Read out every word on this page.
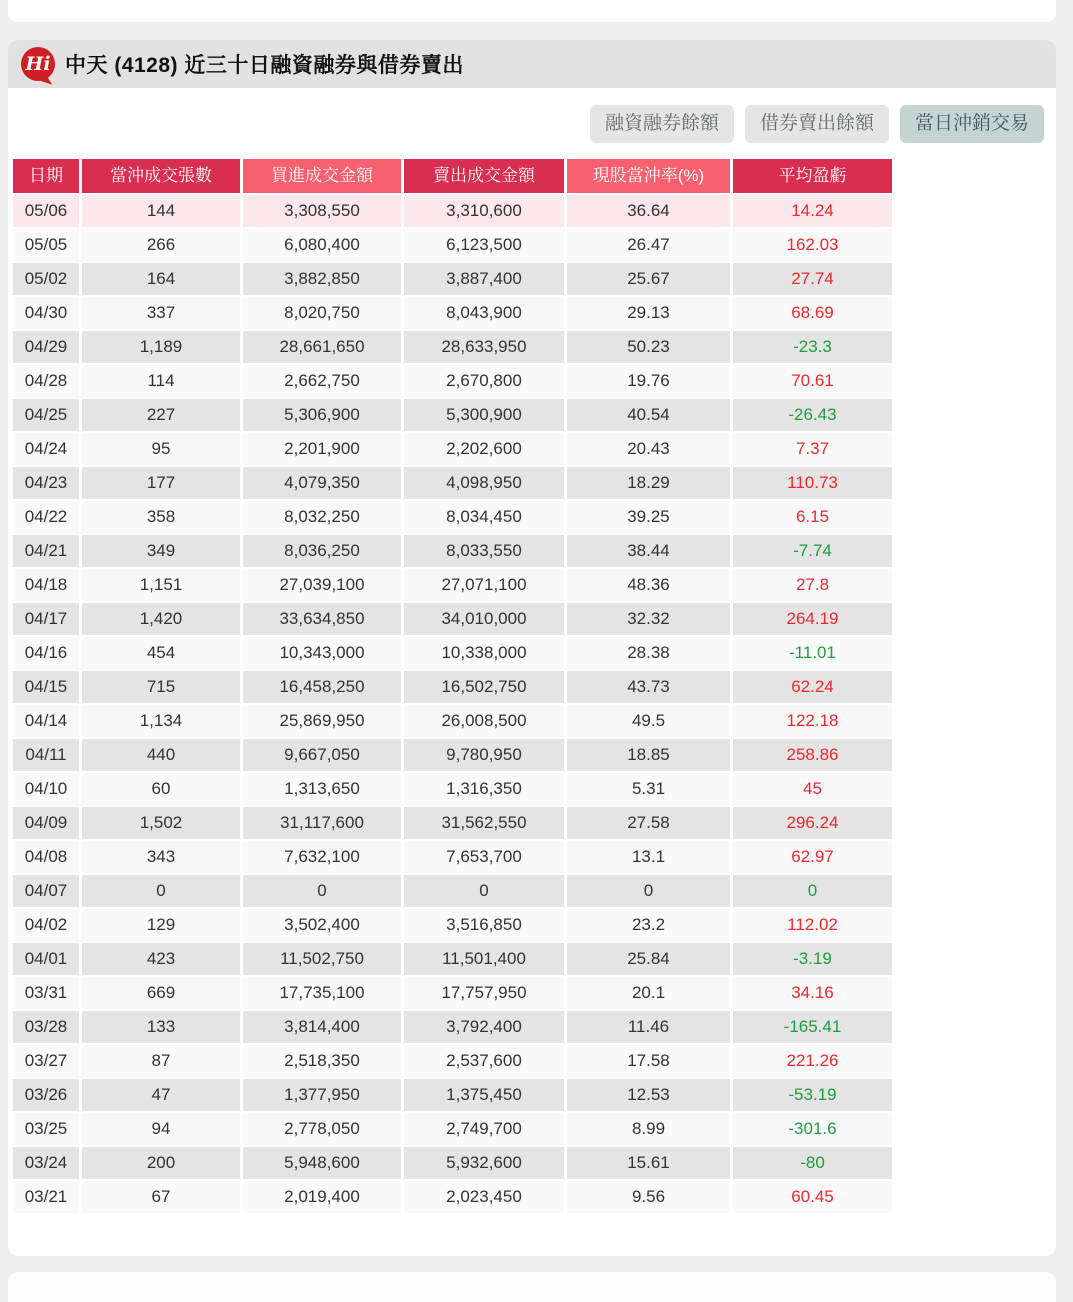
Hi 中天 (4128) 近三十日融資融券與借券賣出
融資融券餘額	借券賣出餘額	當日沖銷交易
日期	當沖成交張數	買進成交金額	賣出成交金額	現股當沖率(%)	平均盈虧
05/06	144	3,308,550	3,310,600	36.64	14.24
05/05	266	6,080,400	6,123,500	26.47	162.03
05/02	164	3,882,850	3,887,400	25.67	27.74
04/30	337	8,020,750	8,043,900	29.13	68.69
04/29	1,189	28,661,650	28,633,950	50.23	-23.3
04/28	114	2,662,750	2,670,800	19.76	70.61
04/25	227	5,306,900	5,300,900	40.54	-26.43
04/24	95	2,201,900	2,202,600	20.43	7.37
04/23	177	4,079,350	4,098,950	18.29	110.73
04/22	358	8,032,250	8,034,450	39.25	6.15
04/21	349	8,036,250	8,033,550	38.44	-7.74
04/18	1,151	27,039,100	27,071,100	48.36	27.8
04/17	1,420	33,634,850	34,010,000	32.32	264.19
04/16	454	10,343,000	10,338,000	28.38	-11.01
04/15	715	16,458,250	16,502,750	43.73	62.24
04/14	1,134	25,869,950	26,008,500	49.5	122.18
04/11	440	9,667,050	9,780,950	18.85	258.86
04/10	60	1,313,650	1,316,350	5.31	45
04/09	1,502	31,117,600	31,562,550	27.58	296.24
04/08	343	7,632,100	7,653,700	13.1	62.97
04/07	0	0	0	0	0
04/02	129	3,502,400	3,516,850	23.2	112.02
04/01	423	11,502,750	11,501,400	25.84	-3.19
03/31	669	17,735,100	17,757,950	20.1	34.16
03/28	133	3,814,400	3,792,400	11.46	-165.41
03/27	87	2,518,350	2,537,600	17.58	221.26
03/26	47	1,377,950	1,375,450	12.53	-53.19
03/25	94	2,778,050	2,749,700	8.99	-301.6
03/24	200	5,948,600	5,932,600	15.61	-80
03/21	67	2,019,400	2,023,450	9.56	60.45
